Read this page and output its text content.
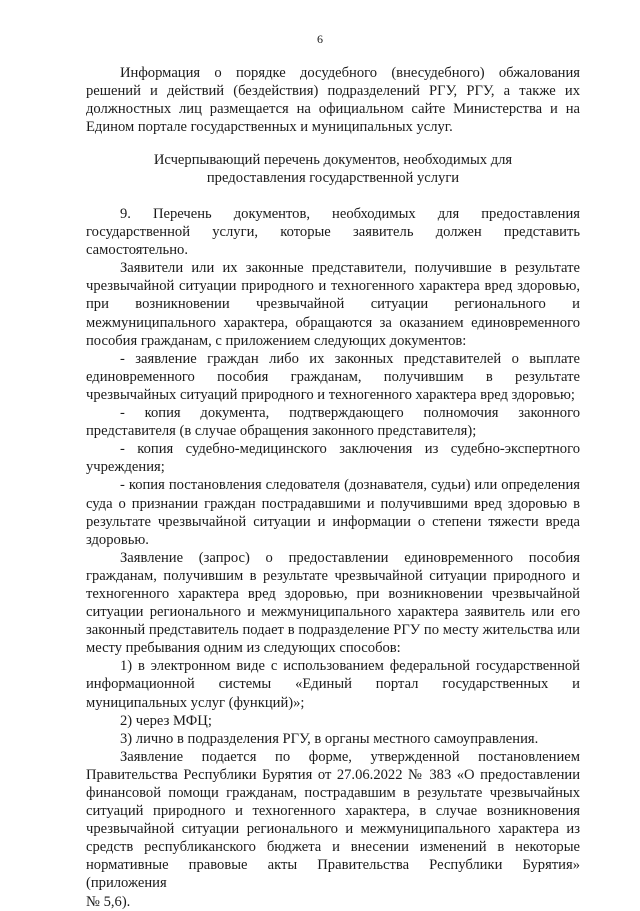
6

Информация о порядке досудебного (внесудебного) обжалования решений и действий (бездействия) подразделений РГУ, РГУ, а также их должностных лиц размещается на официальном сайте Министерства и на Едином портале государственных и муниципальных услуг.

Исчерпывающий перечень документов, необходимых для
предоставления государственной услуги

9. Перечень документов, необходимых для предоставления государственной услуги, которые заявитель должен представить самостоятельно.

Заявители или их законные представители, получившие в результате чрезвычайной ситуации природного и техногенного характера вред здоровью, при возникновении чрезвычайной ситуации регионального и межмуниципального характера, обращаются за оказанием единовременного пособия гражданам, с приложением следующих документов:

- заявление граждан либо их законных представителей о выплате единовременного пособия гражданам, получившим в результате чрезвычайных ситуаций природного и техногенного характера вред здоровью;

- копия документа, подтверждающего полномочия законного представителя (в случае обращения законного представителя);

- копия судебно-медицинского заключения из судебно-экспертного учреждения;

- копия постановления следователя (дознавателя, судьи) или определения суда о признании граждан пострадавшими и получившими вред здоровью в результате чрезвычайной ситуации и информации о степени тяжести вреда здоровью.

Заявление (запрос) о предоставлении единовременного пособия гражданам, получившим в результате чрезвычайной ситуации природного и техногенного характера вред здоровью, при возникновении чрезвычайной ситуации регионального и межмуниципального характера заявитель или его законный представитель подает в подразделение РГУ по месту жительства или месту пребывания одним из следующих способов:

1) в электронном виде с использованием федеральной государственной информационной системы «Единый портал государственных и муниципальных услуг (функций)»;

2) через МФЦ;

3) лично в подразделения РГУ, в органы местного самоуправления.

Заявление подается по форме, утвержденной постановлением
Правительства Республики Бурятия от 27.06.2022 № 383 «О предоставлении
финансовой помощи гражданам, пострадавшим в результате чрезвычайных
ситуаций природного и техногенного характера, в случае возникновения
чрезвычайной ситуации регионального и межмуниципального характера из
средств республиканского бюджета и внесении изменений в некоторые
нормативные правовые акты Правительства Республики Бурятия» (приложения
№ 5,6).
